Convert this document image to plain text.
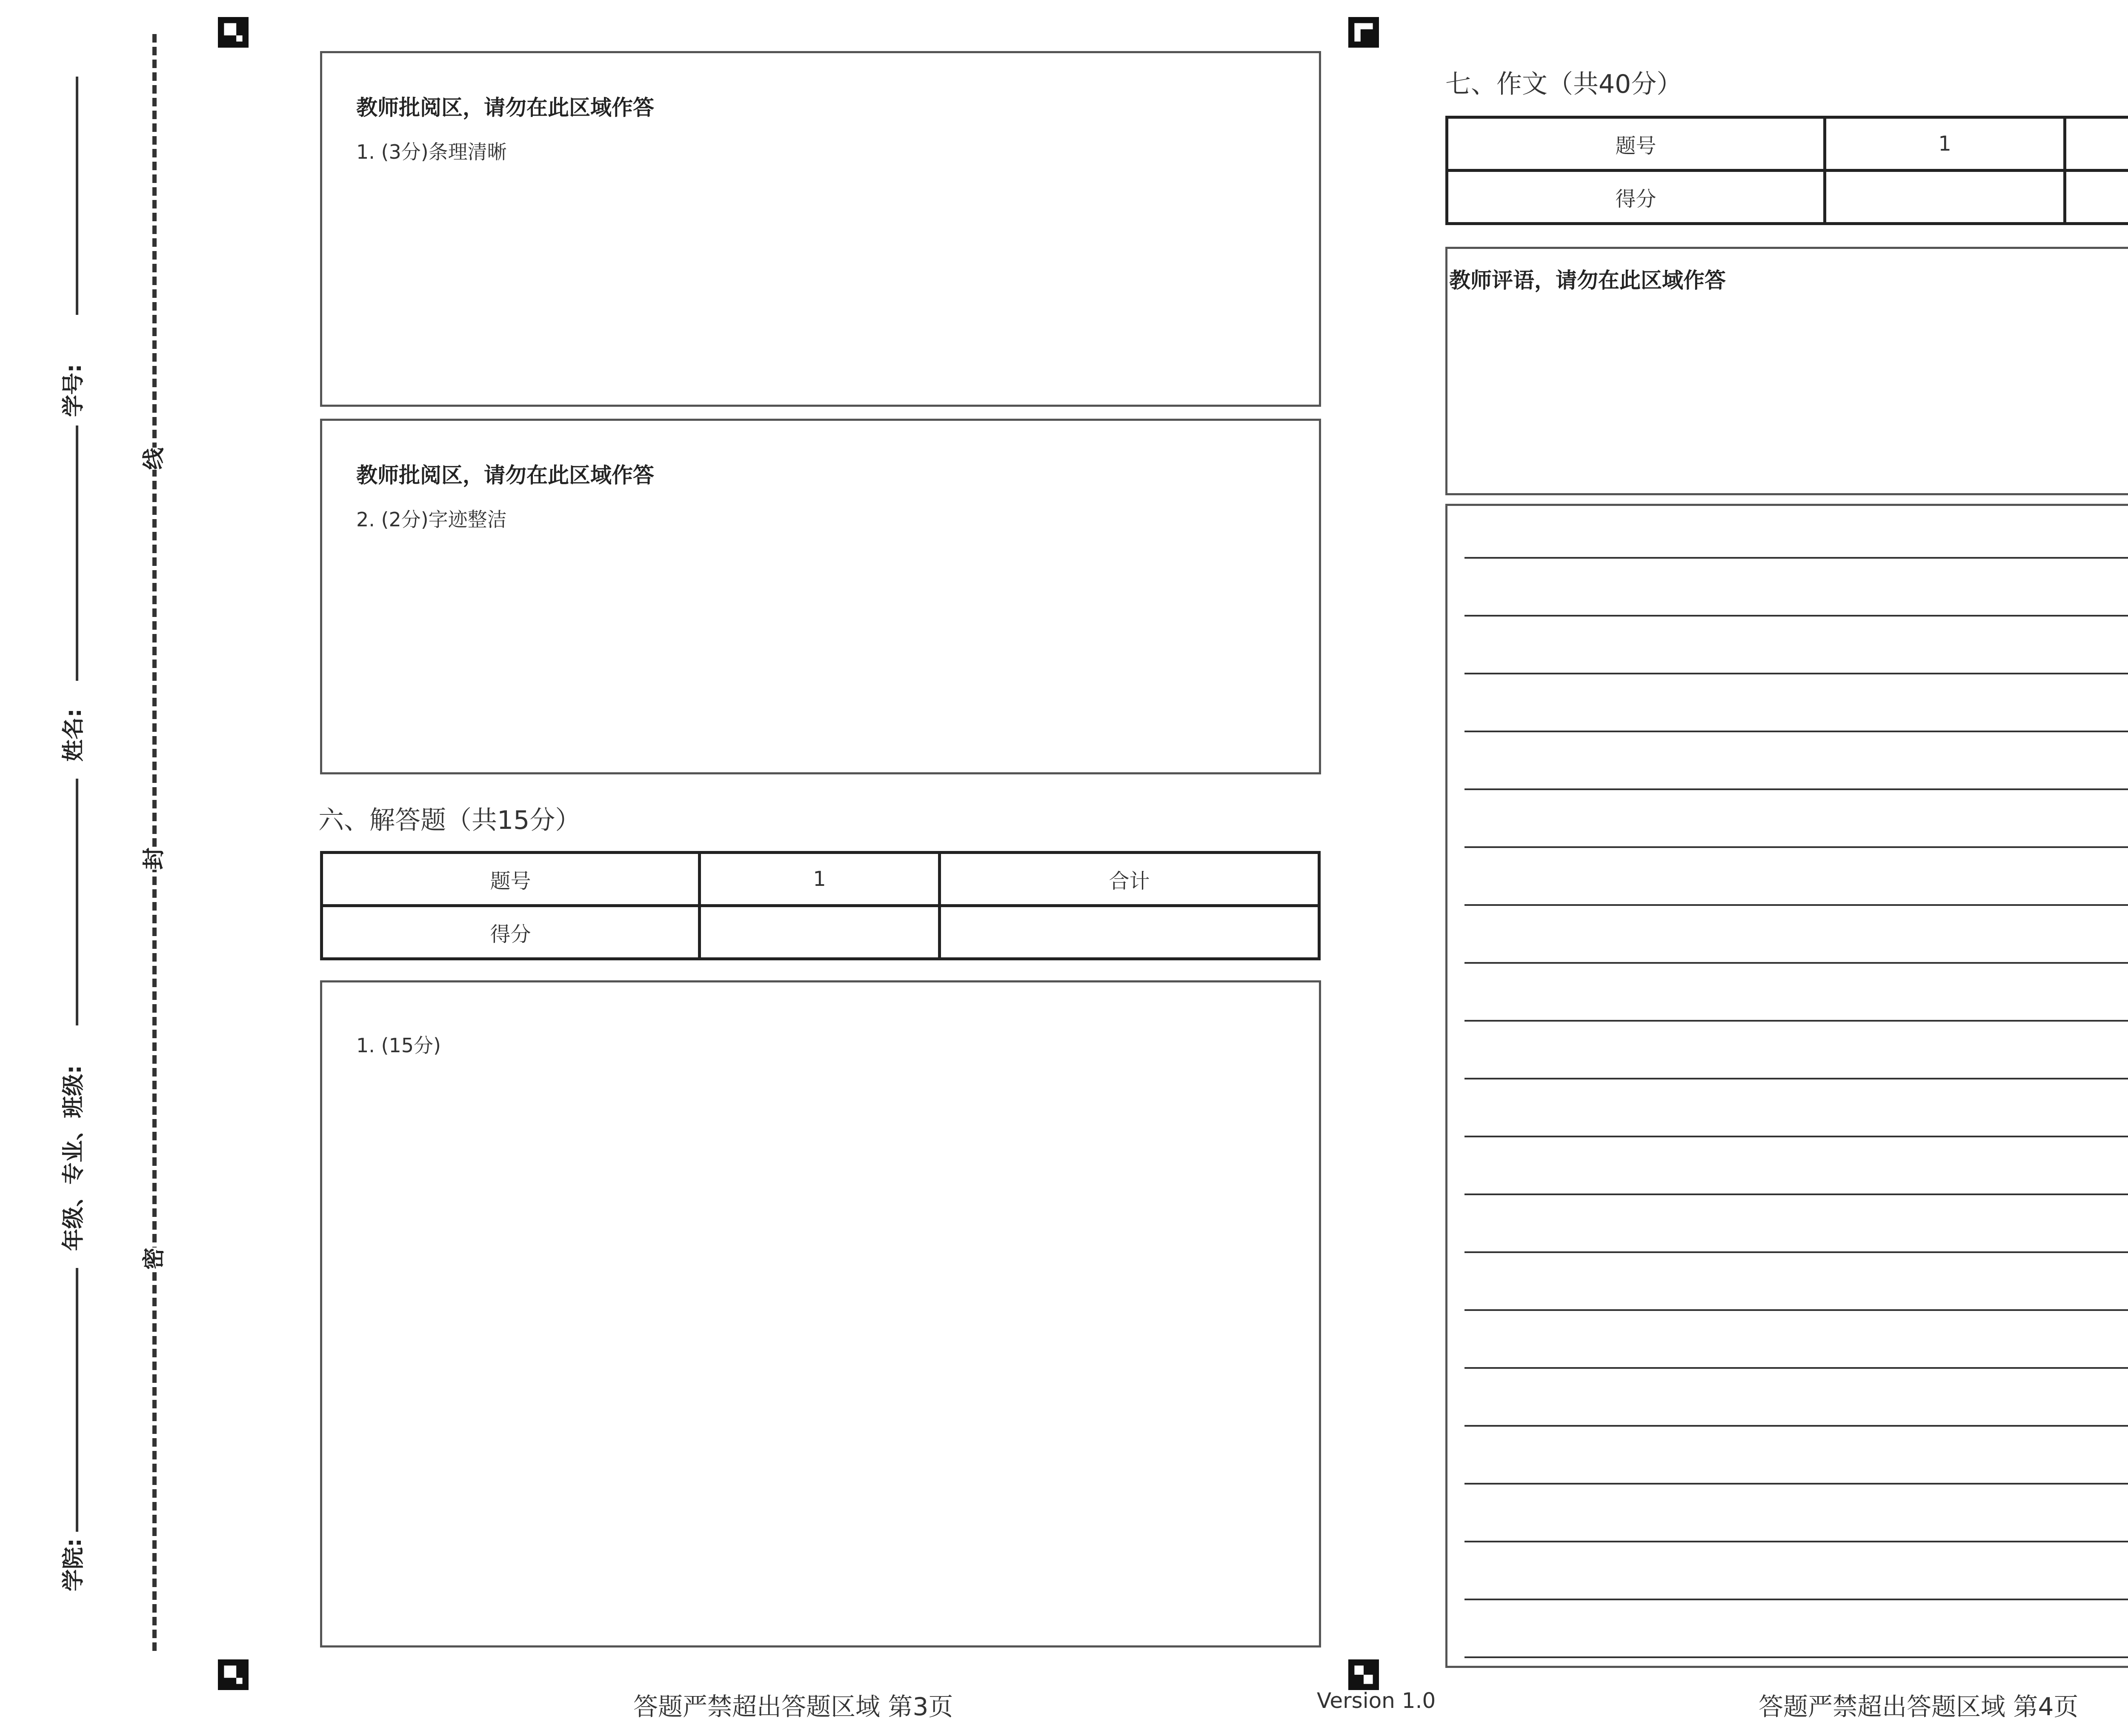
学号:
姓名:
年级、专业、班级:
学院:
线
封
密
教师批阅区，请勿在此区域作答
1. (3分)条理清晰
教师批阅区，请勿在此区域作答
2. (2分)字迹整洁
六、解答题（共15分）
题号	1	合计
得分		
1. (15分)
答题严禁超出答题区域 第3页	Version 1.0
七、作文（共40分）
题号	1	
得分		
教师评语，请勿在此区域作答
答题严禁超出答题区域 第4页
